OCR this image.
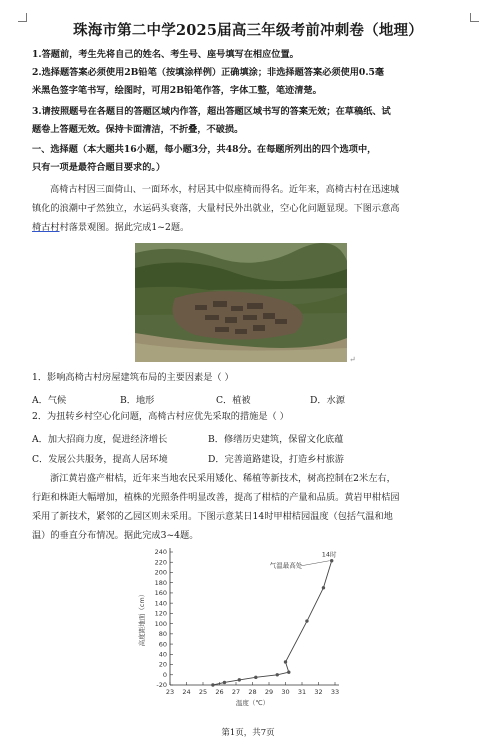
珠海市第二中学2025届高三年级考前冲刺卷（地理）
1.答题前，考生先将自己的姓名、考生号、座号填写在相应位置。
2.选择题答案必须使用2B铅笔（按填涂样例）正确填涂；非选择题答案必须使用0.5毫
米黑色签字笔书写，绘图时，可用2B铅笔作答，字体工整，笔迹清楚。
3.请按照题号在各题目的答题区域内作答，超出答题区域书写的答案无效；在草稿纸、试
题卷上答题无效。保持卡面清洁，不折叠，不破损。
一、选择题（本大题共16小题，每小题3分，共48分。在每题所列出的四个选项中，
只有一项是最符合题目要求的。）
高椅古村因三面倚山、一面环水，村居其中似座椅而得名。近年来，高椅古村在迅速城
镇化的浪潮中孑然独立，水运码头衰落，大量村民外出就业，空心化问题显现。下图示意高
椅古村村落景观图。据此完成1~2题。
↵
1．影响高椅古村房屋建筑布局的主要因素是（ ）
A．气候	B．地形	C．植被	D．水源
2．为扭转乡村空心化问题，高椅古村应优先采取的措施是（ ）
A．加大招商力度，促进经济增长	B．修缮历史建筑，保留文化底蕴
C．发展公共服务，提高人居环境	D．完善道路建设，打造乡村旅游
浙江黄岩盛产柑桔，近年来当地农民采用矮化、稀植等新技术，树高控制在2米左右，
行距和株距大幅增加，植株的光照条件明显改善，提高了柑桔的产量和品质。黄岩甲柑桔园
采用了新技术，紧邻的乙园区则未采用。下图示意某日14时甲柑桔园温度（包括气温和地
温）的垂直分布情况。据此完成3~4题。
23 24 25 26 27 28 29 30 31 32 33
-20
0
20
40
60
80
100
120
140
160
180
200
220
240
温度（℃）
高度距地面（cm）
14时
气温最高处
第1页，共7页
